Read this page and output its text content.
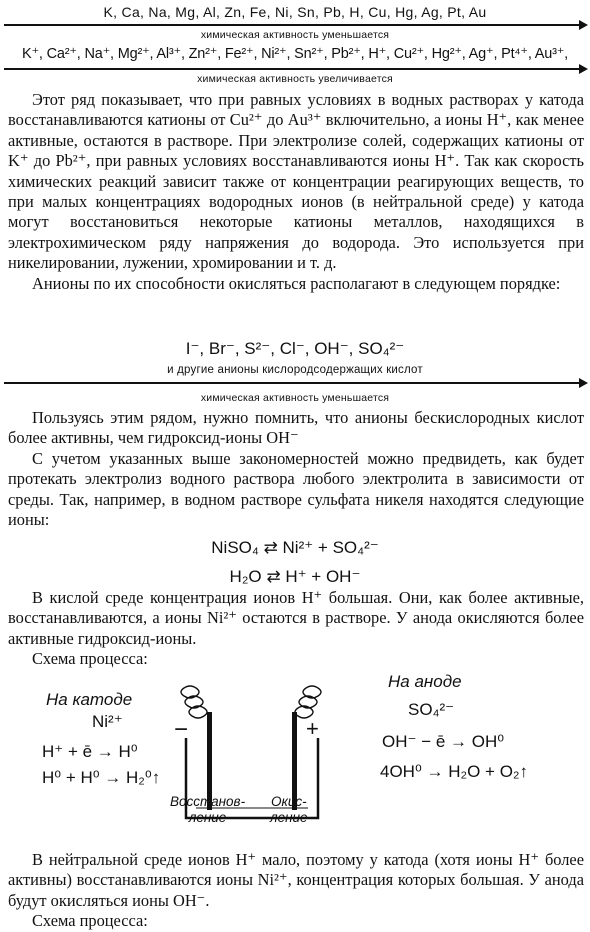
K, Ca, Na, Mg, Al, Zn, Fe, Ni, Sn, Pb, H, Cu, Hg, Ag, Pt, Au
химическая активность уменьшается
K⁺, Ca²⁺, Na⁺, Mg²⁺, Al³⁺, Zn²⁺, Fe²⁺, Ni²⁺, Sn²⁺, Pb²⁺, H⁺, Cu²⁺, Hg²⁺, Ag⁺, Pt⁴⁺, Au³⁺,
химическая активность увеличивается

Этот ряд показывает, что при равных условиях в водных растворах у катода восстанавливаются катионы от Cu²⁺ до Au³⁺ включительно, а ионы H⁺, как менее активные, остаются в растворе. При электролизе солей, содержащих катионы от K⁺ до Pb²⁺, при равных условиях восстанавливаются ионы H⁺. Так как скорость химических реакций зависит также от концентрации реагирующих веществ, то при малых концентрациях водородных ионов (в нейтральной среде) у катода могут восстановиться некоторые катионы металлов, находящихся в электрохимическом ряду напряжения до водорода. Это используется при никелировании, лужении, хромировании и т. д.

Анионы по их способности окисляться располагают в следующем порядке:

I⁻, Br⁻, S²⁻, Cl⁻, OH⁻, SO₄²⁻
и другие анионы кислородсодержащих кислот
химическая активность уменьшается

Пользуясь этим рядом, нужно помнить, что анионы бескислородных кислот более активны, чем гидроксид-ионы OH⁻

С учетом указанных выше закономерностей можно предвидеть, как будет протекать электролиз водного раствора любого электролита в зависимости от среды. Так, например, в водном растворе сульфата никеля находятся следующие ионы:

NiSO₄ ⇄ Ni²⁺ + SO₄²⁻
H₂O ⇄ H⁺ + OH⁻

В кислой среде концентрация ионов H⁺ большая. Они, как более активные, восстанавливаются, а ионы Ni²⁺ остаются в растворе. У анода окисляются более активные гидроксид-ионы.

Схема процесса:

На катоде
Ni²⁺
H⁺ + ē → H⁰
H⁰ + H⁰ → H₂⁰↑
−	+
Восстанов-
ление
Окис-
ление
На аноде
SO₄²⁻
OH⁻ − ē → OH⁰
4OH⁰ → H₂O + O₂↑

В нейтральной среде ионов H⁺ мало, поэтому у катода (хотя ионы H⁺ более активны) восстанавливаются ионы Ni²⁺, концентрация которых большая. У анода будут окисляться ионы OH⁻.

Схема процесса:
